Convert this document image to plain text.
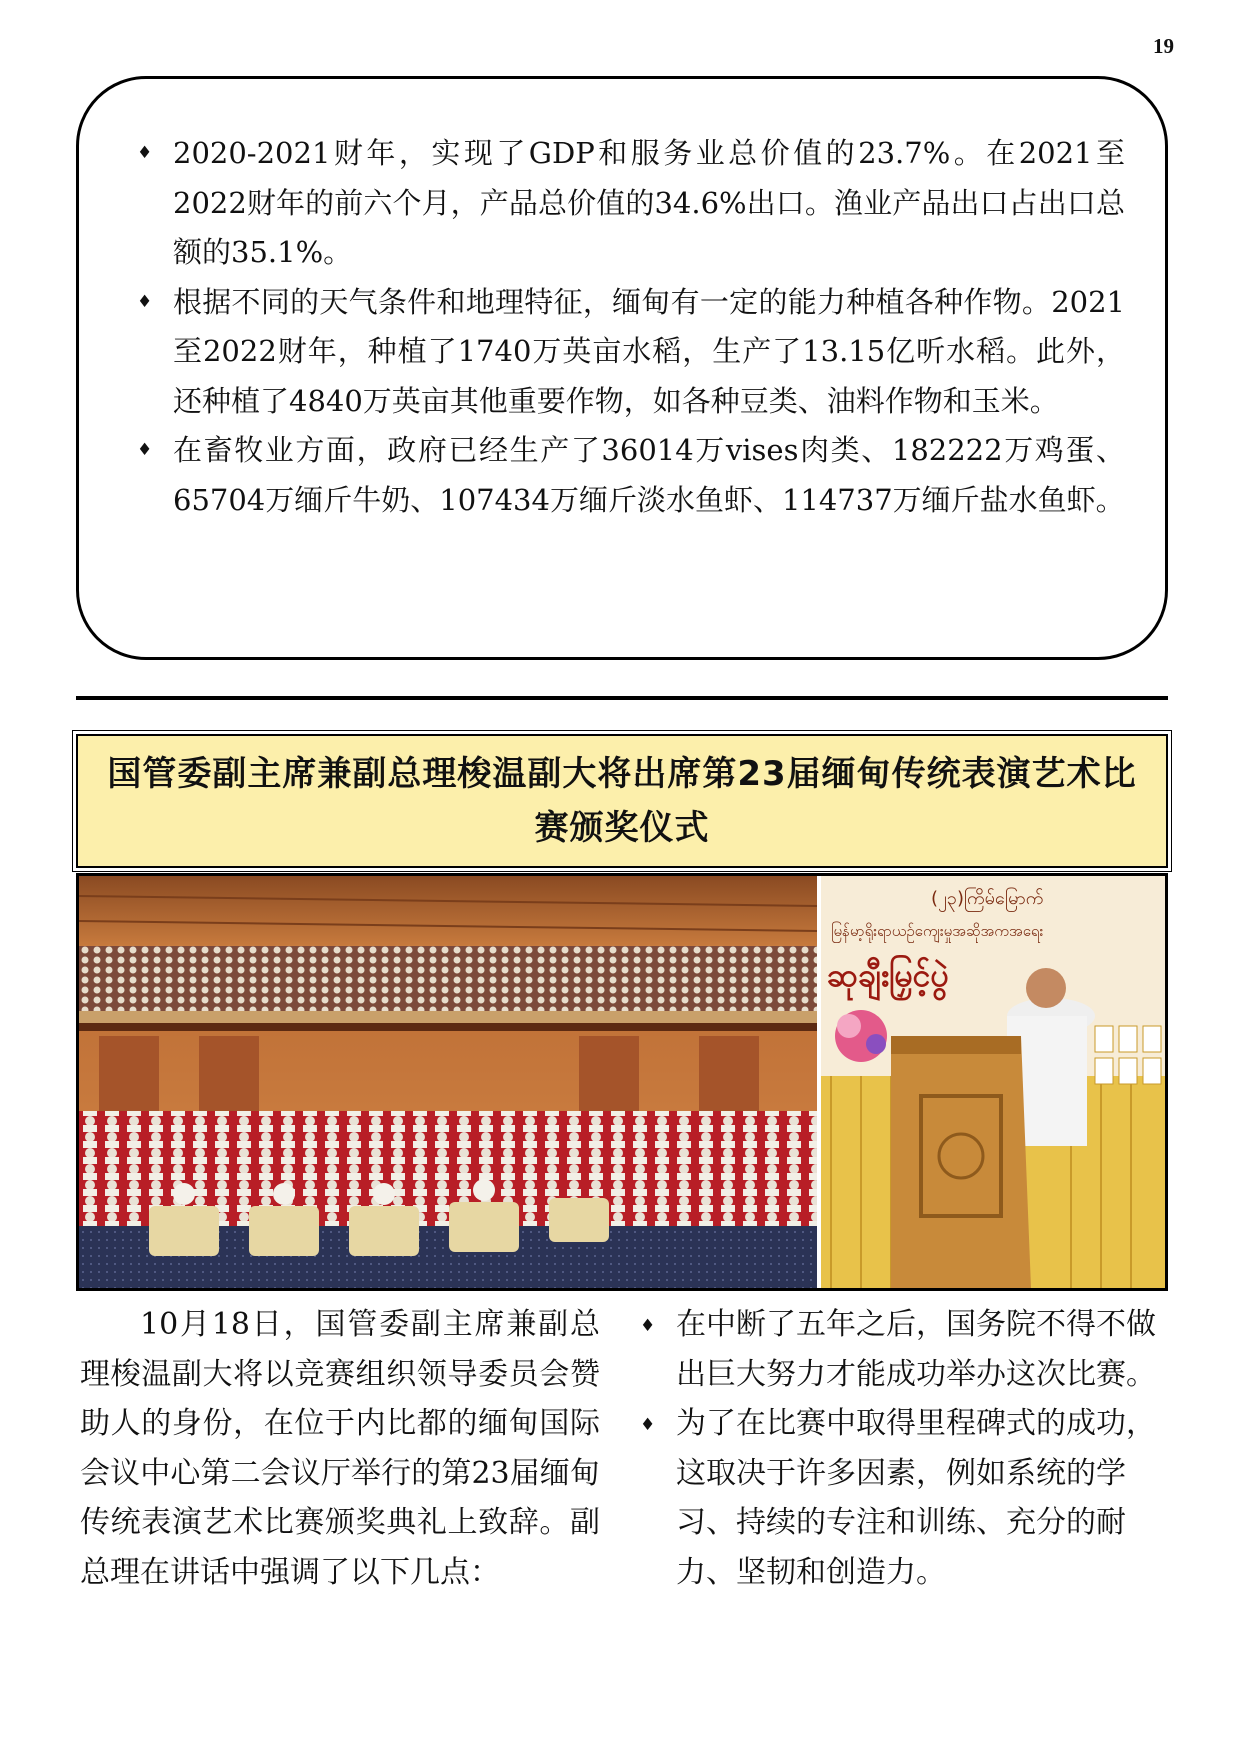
19
♦ 2020-2021财年，实现了GDP和服务业总价值的23.7%。在2021至2022财年的前六个月，产品总价值的34.6%出口。渔业产品出口占出口总额的35.1%。
♦ 根据不同的天气条件和地理特征，缅甸有一定的能力种植各种作物。2021至2022财年，种植了1740万英亩水稻，生产了13.15亿听水稻。此外，还种植了4840万英亩其他重要作物，如各种豆类、油料作物和玉米。
♦ 在畜牧业方面，政府已经生产了36014万vises肉类、182222万鸡蛋、65704万缅斤牛奶、107434万缅斤淡水鱼虾、114737万缅斤盐水鱼虾。
国管委副主席兼副总理梭温副大将出席第23届缅甸传统表演艺术比赛颁奖仪式
(၂၃)ကြိမ်မြောက်
မြန်မာ့ရိုးရာယဉ်ကျေးမှုအဆိုအကအရေး
ဆုချီးမြှင့်ပွဲ

10月18日，国管委副主席兼副总理梭温副大将以竞赛组织领导委员会赞助人的身份，在位于内比都的缅甸国际会议中心第二会议厅举行的第23届缅甸传统表演艺术比赛颁奖典礼上致辞。副总理在讲话中强调了以下几点：

♦ 在中断了五年之后，国务院不得不做出巨大努力才能成功举办这次比赛。
♦ 为了在比赛中取得里程碑式的成功，这取决于许多因素，例如系统的学习、持续的专注和训练、充分的耐力、坚韧和创造力。
